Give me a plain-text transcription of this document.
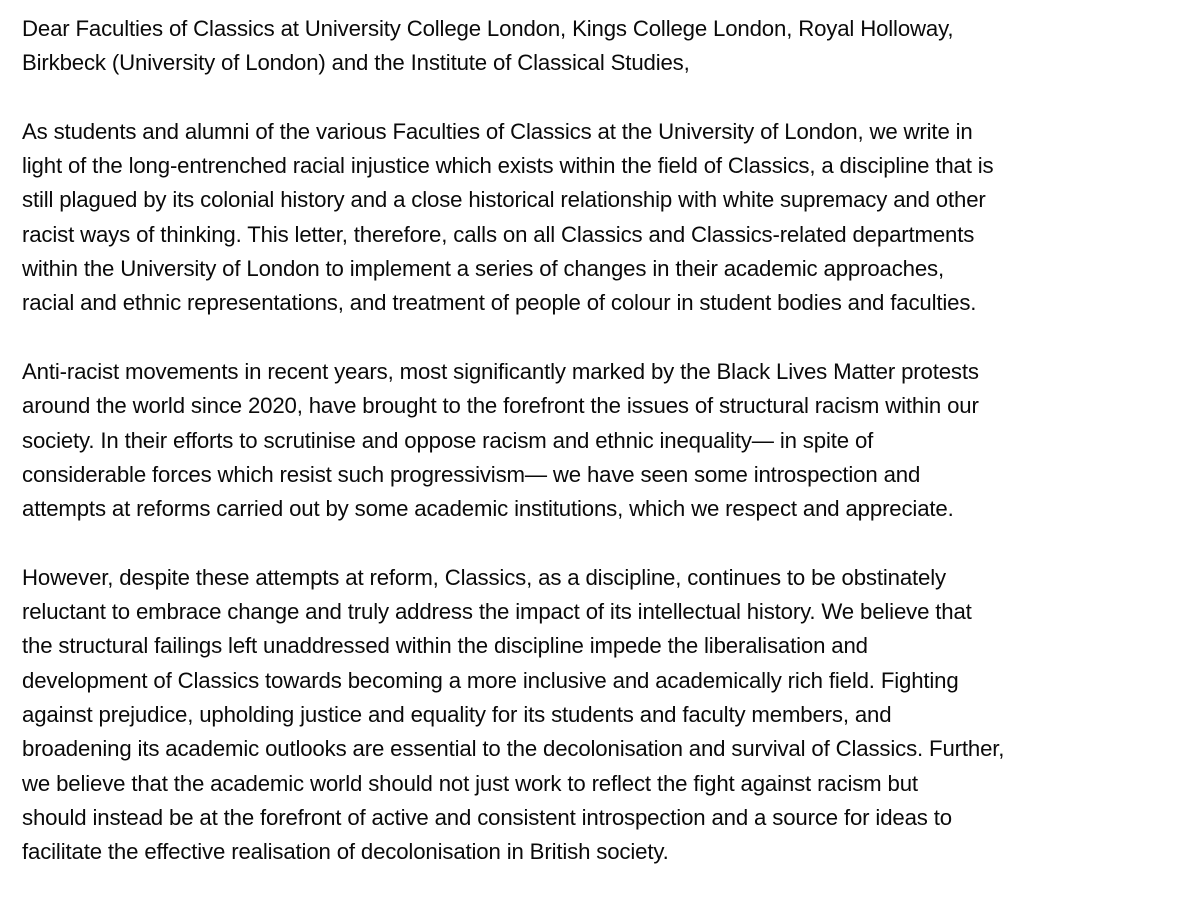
Dear Faculties of Classics at University College London, Kings College London, Royal Holloway,
Birkbeck (University of London) and the Institute of Classical Studies,
As students and alumni of the various Faculties of Classics at the University of London, we write in
light of the long-entrenched racial injustice which exists within the field of Classics, a discipline that is
still plagued by its colonial history and a close historical relationship with white supremacy and other
racist ways of thinking. This letter, therefore, calls on all Classics and Classics-related departments
within the University of London to implement a series of changes in their academic approaches,
racial and ethnic representations, and treatment of people of colour in student bodies and faculties.
Anti-racist movements in recent years, most significantly marked by the Black Lives Matter protests
around the world since 2020, have brought to the forefront the issues of structural racism within our
society. In their efforts to scrutinise and oppose racism and ethnic inequality— in spite of
considerable forces which resist such progressivism— we have seen some introspection and
attempts at reforms carried out by some academic institutions, which we respect and appreciate.
However, despite these attempts at reform, Classics, as a discipline, continues to be obstinately
reluctant to embrace change and truly address the impact of its intellectual history. We believe that
the structural failings left unaddressed within the discipline impede the liberalisation and
development of Classics towards becoming a more inclusive and academically rich field. Fighting
against prejudice, upholding justice and equality for its students and faculty members, and
broadening its academic outlooks are essential to the decolonisation and survival of Classics. Further,
we believe that the academic world should not just work to reflect the fight against racism but
should instead be at the forefront of active and consistent introspection and a source for ideas to
facilitate the effective realisation of decolonisation in British society.
